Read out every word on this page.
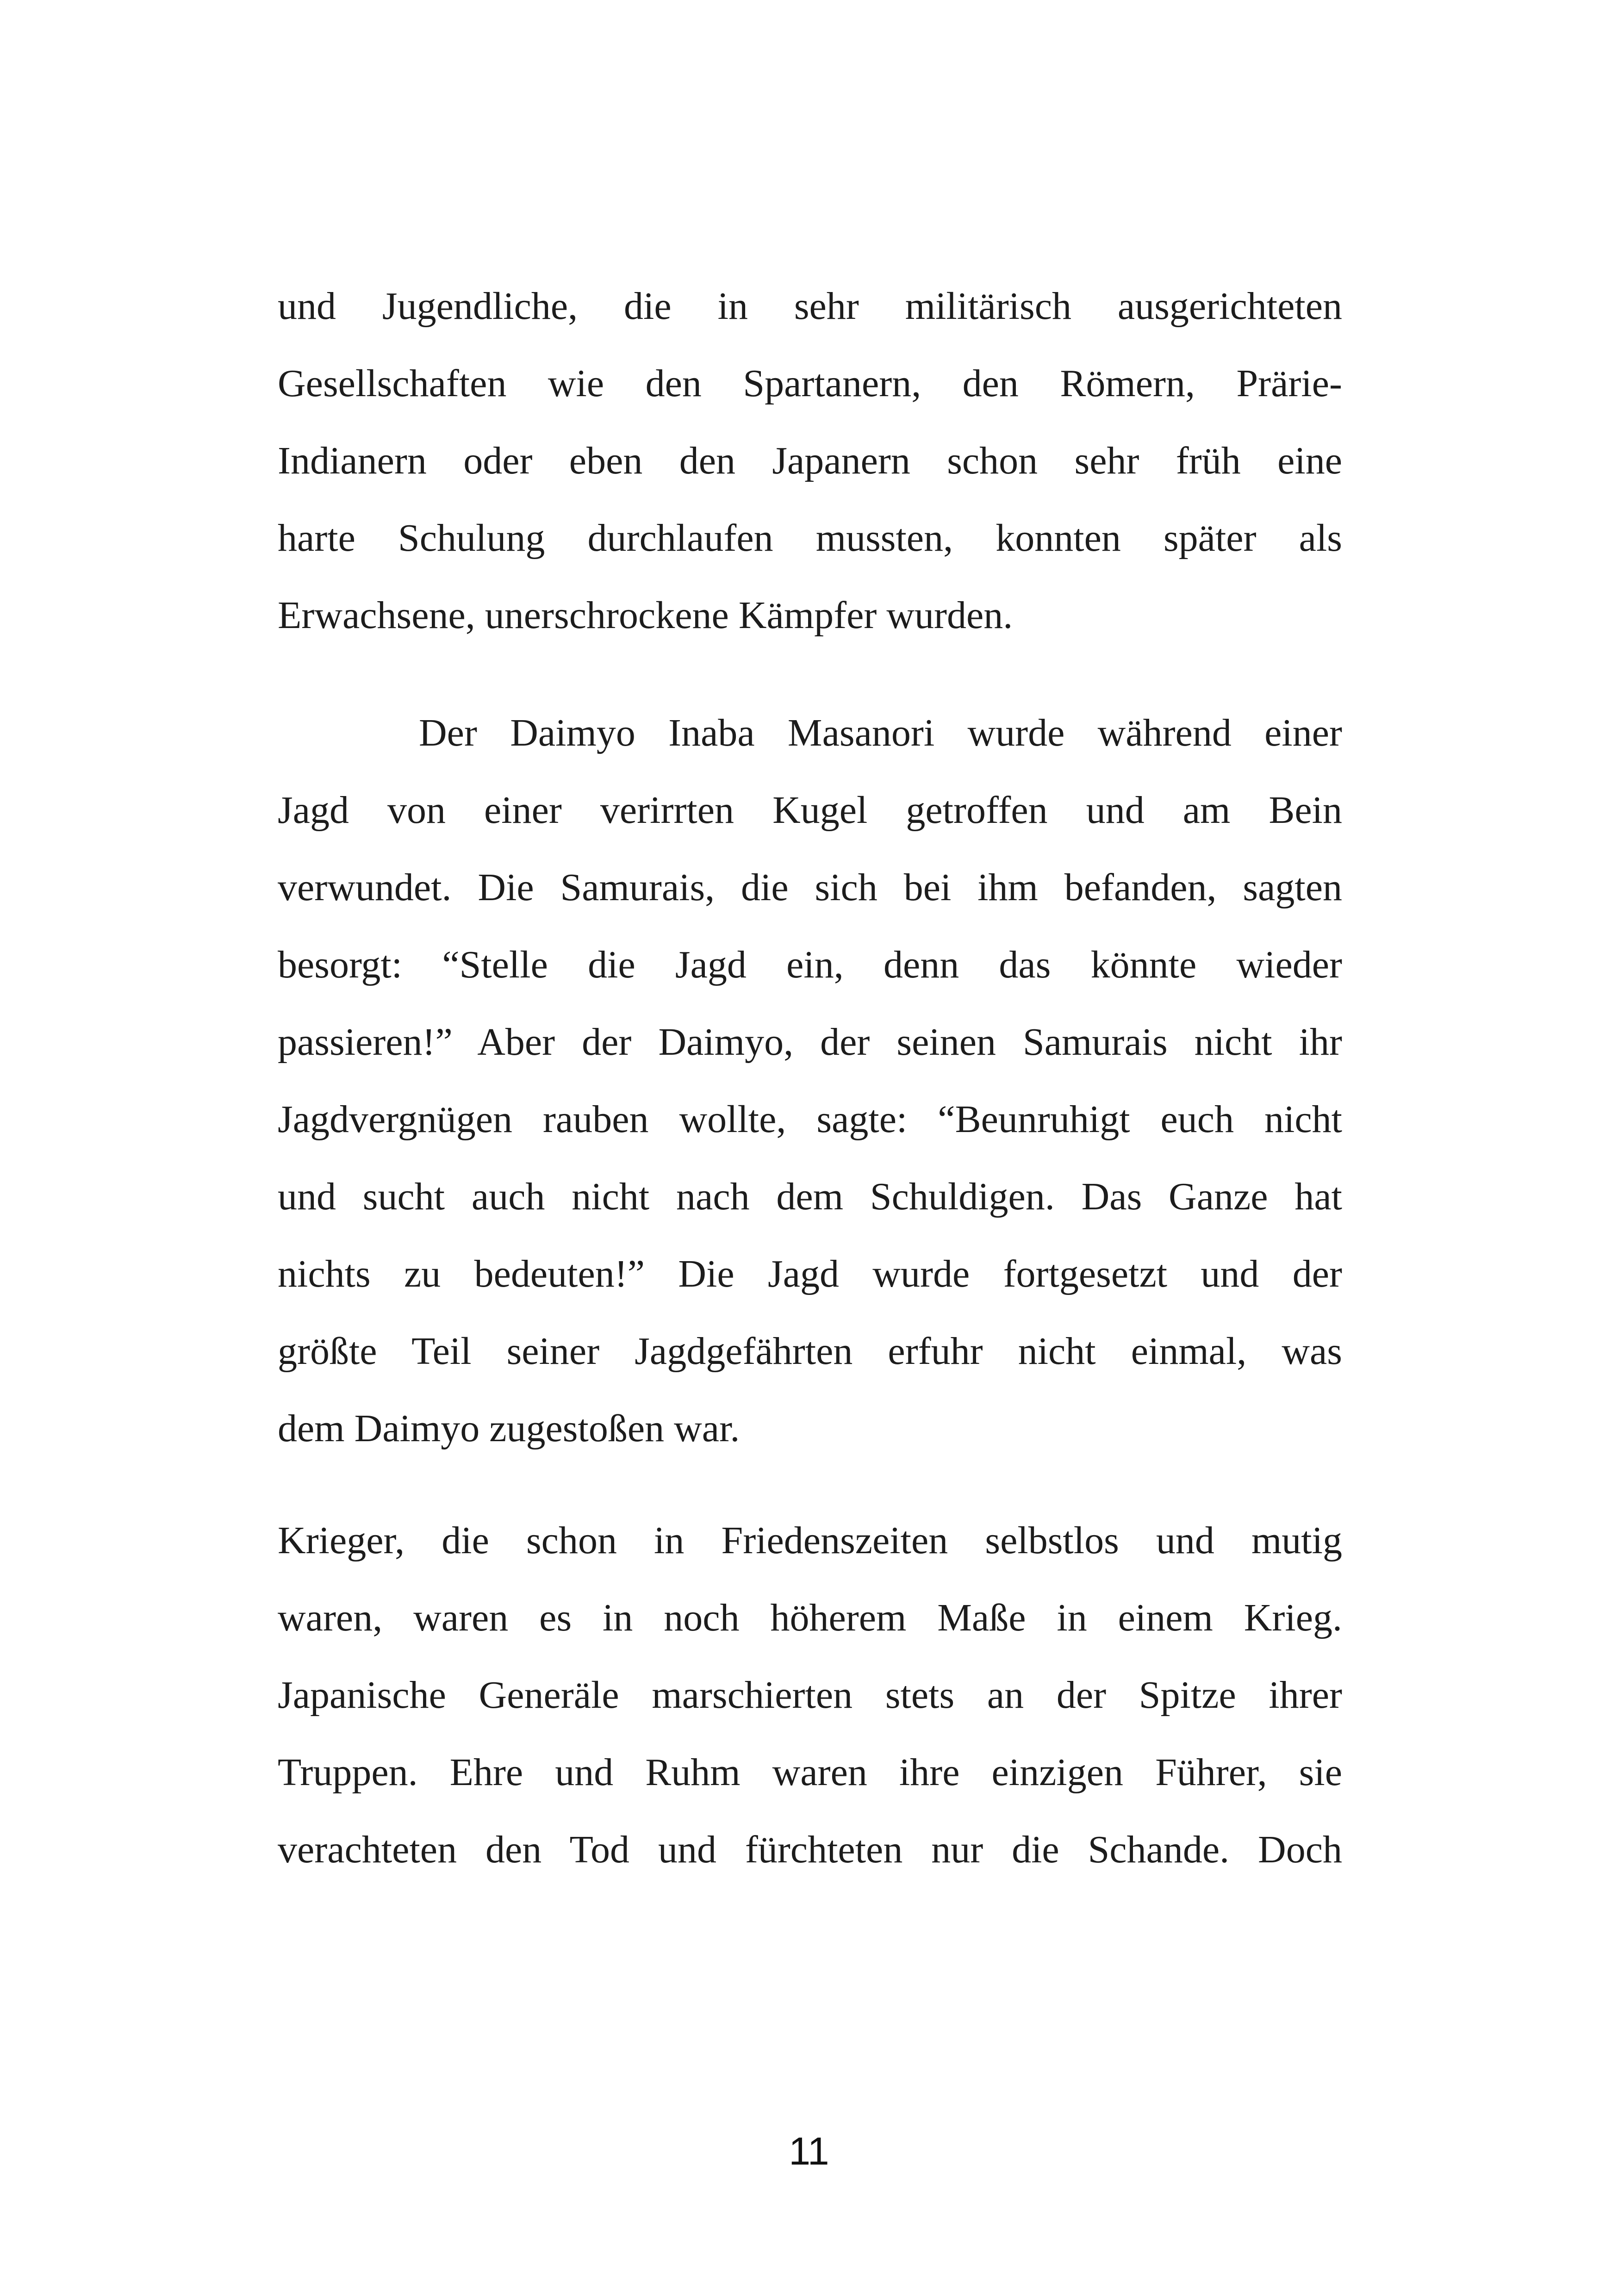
und Jugendliche, die in sehr militärisch ausgerichteten
Gesellschaften wie den Spartanern, den Römern, Prärie-
Indianern oder eben den Japanern schon sehr früh eine
harte Schulung durchlaufen mussten, konnten später als
Erwachsene, unerschrockene Kämpfer wurden.
Der Daimyo Inaba Masanori wurde während einer
Jagd von einer verirrten Kugel getroffen und am Bein
verwundet. Die Samurais, die sich bei ihm befanden, sagten
besorgt: “Stelle die Jagd ein, denn das könnte wieder
passieren!” Aber der Daimyo, der seinen Samurais nicht ihr
Jagdvergnügen rauben wollte, sagte: “Beunruhigt euch nicht
und sucht auch nicht nach dem Schuldigen. Das Ganze hat
nichts zu bedeuten!” Die Jagd wurde fortgesetzt und der
größte Teil seiner Jagdgefährten erfuhr nicht einmal, was
dem Daimyo zugestoßen war.
Krieger, die schon in Friedenszeiten selbstlos und mutig
waren, waren es in noch höherem Maße in einem Krieg.
Japanische Generäle marschierten stets an der Spitze ihrer
Truppen. Ehre und Ruhm waren ihre einzigen Führer, sie
verachteten den Tod und fürchteten nur die Schande. Doch
11
